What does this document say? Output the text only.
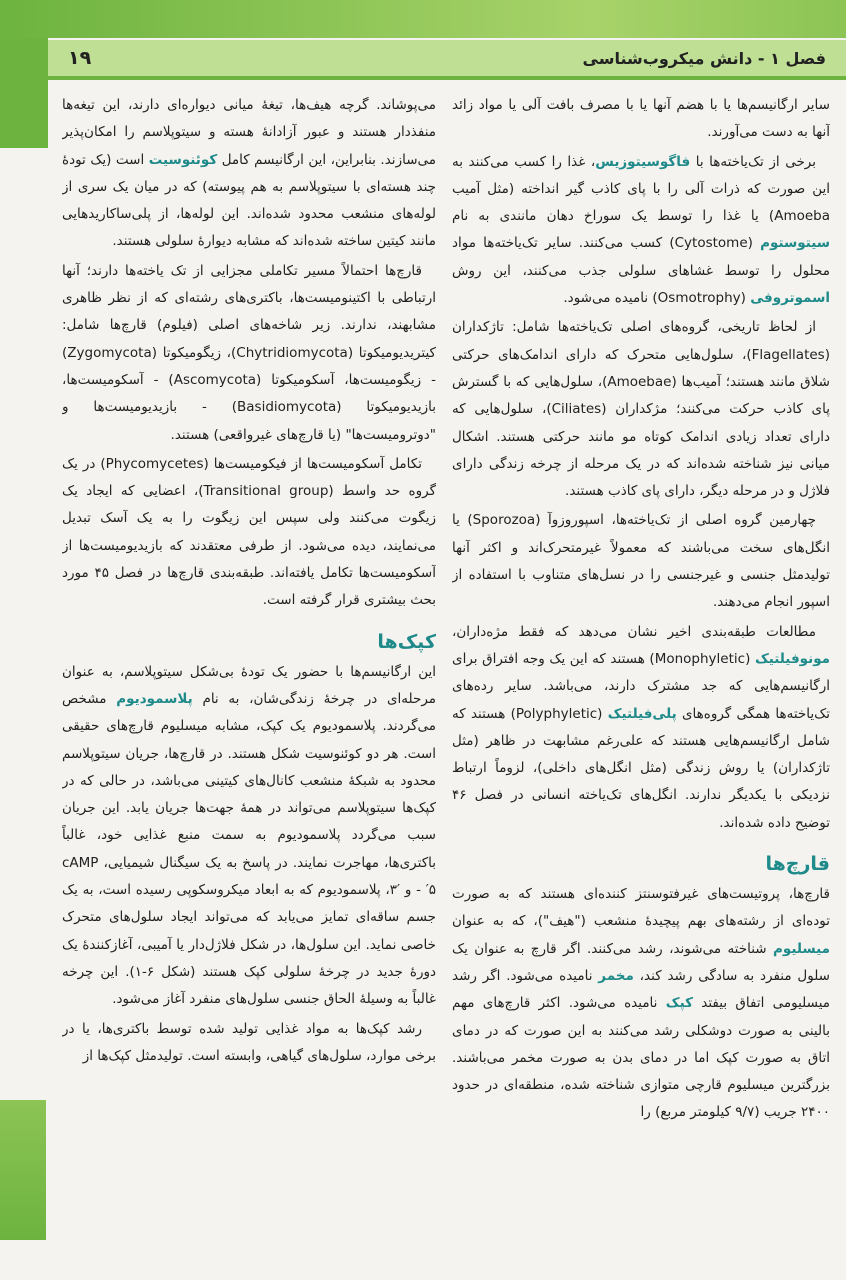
۱۹	فصل ۱ - دانش میکروب‌شناسی

سایر ارگانیسم‌ها یا با هضم آنها یا با مصرف بافت آلی یا مواد زائد آنها به دست می‌آورند.

برخی از تک‌یاخته‌ها با فاگوسیتوزیس، غذا را کسب می‌کنند به این صورت که ذرات آلی را با پای کاذب گیر انداخته (مثل آمیب Amoeba) یا غذا را توسط یک سوراخ دهان مانندی به نام سیتوستوم (Cytostome) کسب می‌کنند. سایر تک‌یاخته‌ها مواد محلول را توسط غشاهای سلولی جذب می‌کنند، این روش اسموتروفی (Osmotrophy) نامیده می‌شود.

از لحاظ تاریخی، گروه‌های اصلی تک‌یاخته‌ها شامل: تاژکداران (Flagellates)، سلول‌هایی متحرک که دارای اندامک‌های حرکتی شلاق مانند هستند؛ آمیب‌ها (Amoebae)، سلول‌هایی که با گسترش پای کاذب حرکت می‌کنند؛ مژکداران (Ciliates)، سلول‌هایی که دارای تعداد زیادی اندامک کوتاه مو مانند حرکتی هستند. اشکال میانی نیز شناخته شده‌اند که در یک مرحله از چرخه زندگی دارای فلاژل و در مرحله دیگر، دارای پای کاذب هستند.

چهارمین گروه اصلی از تک‌یاخته‌ها، اسپوروزوآ (Sporozoa) یا انگل‌های سخت می‌باشند که معمولاً غیرمتحرک‌اند و اکثر آنها تولیدمثل جنسی و غیرجنسی را در نسل‌های متناوب با استفاده از اسپور انجام می‌دهند.

مطالعات طبقه‌بندی اخیر نشان می‌دهد که فقط مژه‌داران، مونوفیلتیک (Monophyletic) هستند که این یک وجه افتراق برای ارگانیسم‌هایی که جد مشترک دارند، می‌باشد. سایر رده‌های تک‌یاخته‌ها همگی گروه‌های پلی‌فیلتیک (Polyphyletic) هستند که شامل ارگانیسم‌هایی هستند که علی‌رغم مشابهت در ظاهر (مثل تاژکداران) یا روش زندگی (مثل انگل‌های داخلی)، لزوماً ارتباط نزدیکی با یکدیگر ندارند. انگل‌های تک‌یاخته انسانی در فصل ۴۶ توضیح داده شده‌اند.

قارچ‌ها

قارچ‌ها، پروتیست‌های غیرفتوسنتز کننده‌ای هستند که به صورت توده‌ای از رشته‌های بهم پیچیدهٔ منشعب ("هیف")، که به عنوان میسلیوم شناخته می‌شوند، رشد می‌کنند. اگر قارچ به عنوان یک سلول منفرد به سادگی رشد کند، مخمر نامیده می‌شود. اگر رشد میسلیومی اتفاق بیفتد کپک نامیده می‌شود. اکثر قارچ‌های مهم بالینی به صورت دوشکلی رشد می‌کنند به این صورت که در دمای اتاق به صورت کپک اما در دمای بدن به صورت مخمر می‌باشند. بزرگترین میسلیوم قارچی متوازی شناخته شده، منطقه‌ای در حدود ۲۴۰۰ جریب (۹/۷ کیلومتر مربع) را

می‌پوشاند. گرچه هیف‌ها، تیغهٔ میانی دیواره‌ای دارند، این تیغه‌ها منفذدار هستند و عبور آزادانهٔ هسته و سیتوپلاسم را امکان‌پذیر می‌سازند. بنابراین، این ارگانیسم کامل کوئنوسیت است (یک تودهٔ چند هسته‌ای با سیتوپلاسم به هم پیوسته) که در میان یک سری از لوله‌های منشعب محدود شده‌اند. این لوله‌ها، از پلی‌ساکاریدهایی مانند کیتین ساخته شده‌اند که مشابه دیوارهٔ سلولی هستند.

قارچ‌ها احتمالاً مسیر تکاملی مجزایی از تک یاخته‌ها دارند؛ آنها ارتباطی با اکتینومیست‌ها، باکتری‌های رشته‌ای که از نظر ظاهری مشابهند، ندارند. زیر شاخه‌های اصلی (فیلوم) قارچ‌ها شامل: کیتریدیومیکوتا (Chytridiomycota)، زیگومیکوتا (Zygomycota) - زیگومیست‌ها، آسکومیکوتا (Ascomycota) - آسکومیست‌ها، بازیدیومیکوتا (Basidiomycota) - بازیدیومیست‌ها و "دوترومیست‌ها" (یا قارچ‌های غیرواقعی) هستند.

تکامل آسکومیست‌ها از فیکومیست‌ها (Phycomycetes) در یک گروه حد واسط (Transitional group)، اعضایی که ایجاد یک زیگوت می‌کنند ولی سپس این زیگوت را به یک آسک تبدیل می‌نمایند، دیده می‌شود. از طرفی معتقدند که بازیدیومیست‌ها از آسکومیست‌ها تکامل یافته‌اند. طبقه‌بندی قارچ‌ها در فصل ۴۵ مورد بحث بیشتری قرار گرفته است.

کپک‌ها

این ارگانیسم‌ها با حضور یک تودهٔ بی‌شکل سیتوپلاسم، به عنوان مرحله‌ای در چرخهٔ زندگی‌شان، به نام پلاسمودیوم مشخص می‌گردند. پلاسمودیوم یک کپک، مشابه میسلیوم قارچ‌های حقیقی است. هر دو کوئنوسیت شکل هستند. در قارچ‌ها، جریان سیتوپلاسم محدود به شبکهٔ منشعب کانال‌های کیتینی می‌باشد، در حالی که در کپک‌ها سیتوپلاسم می‌تواند در همهٔ جهت‌ها جریان یابد. این جریان سبب می‌گردد پلاسمودیوم به سمت منبع غذایی خود، غالباً باکتری‌ها، مهاجرت نمایند. در پاسخ به یک سیگنال شیمیایی، cAMP - ′۵ و ′۳، پلاسمودیوم که به ابعاد میکروسکوپی رسیده است، به یک جسم ساقه‌ای تمایز می‌یابد که می‌تواند ایجاد سلول‌های متحرک خاصی نماید. این سلول‌ها، در شکل فلاژل‌دار یا آمیبی، آغازکنندهٔ یک دورهٔ جدید در چرخهٔ سلولی کپک هستند (شکل ۶-۱). این چرخه غالباً به وسیلهٔ الحاق جنسی سلول‌های منفرد آغاز می‌شود.

رشد کپک‌ها به مواد غذایی تولید شده توسط باکتری‌ها، یا در برخی موارد، سلول‌های گیاهی، وابسته است. تولیدمثل کپک‌ها از
